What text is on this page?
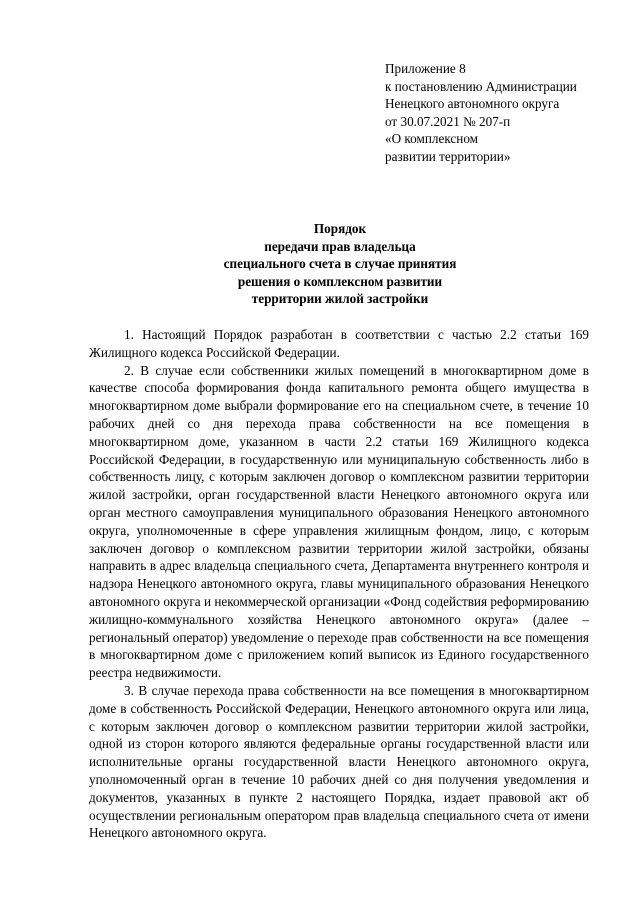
Приложение 8
к постановлению Администрации
Ненецкого автономного округа
от 30.07.2021 № 207-п
«О комплексном
развитии территории»
Порядок
передачи прав владельца
специального счета в случае принятия
решения о комплексном развитии
территории жилой застройки

1. Настоящий Порядок разработан в соответствии с частью 2.2 статьи 169 Жилищного кодекса Российской Федерации.

2. В случае если собственники жилых помещений в многоквартирном доме в качестве способа формирования фонда капитального ремонта общего имущества в многоквартирном доме выбрали формирование его на специальном счете, в течение 10 рабочих дней со дня перехода права собственности на все помещения в многоквартирном доме, указанном в части 2.2 статьи 169 Жилищного кодекса Российской Федерации, в государственную или муниципальную собственность либо в собственность лицу, с которым заключен договор о комплексном развитии территории жилой застройки, орган государственной власти Ненецкого автономного округа или орган местного самоуправления муниципального образования Ненецкого автономного округа, уполномоченные в сфере управления жилищным фондом, лицо, с которым заключен договор о комплексном развитии территории жилой застройки, обязаны направить в адрес владельца специального счета, Департамента внутреннего контроля и надзора Ненецкого автономного округа, главы муниципального образования Ненецкого автономного округа и некоммерческой организации «Фонд содействия реформированию жилищно-коммунального хозяйства Ненецкого автономного округа» (далее – региональный оператор) уведомление о переходе прав собственности на все помещения в многоквартирном доме с приложением копий выписок из Единого государственного реестра недвижимости.

3. В случае перехода права собственности на все помещения в многоквартирном доме в собственность Российской Федерации, Ненецкого автономного округа или лица, с которым заключен договор о комплексном развитии территории жилой застройки, одной из сторон которого являются федеральные органы государственной власти или исполнительные органы государственной власти Ненецкого автономного округа, уполномоченный орган в течение 10 рабочих дней со дня получения уведомления и документов, указанных в пункте 2 настоящего Порядка, издает правовой акт об осуществлении региональным оператором прав владельца специального счета от имени Ненецкого автономного округа.
